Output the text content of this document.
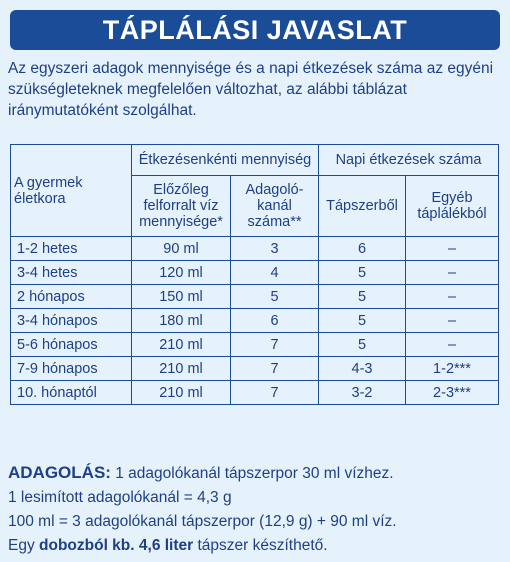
TÁPLÁLÁSI JAVASLAT
Az egyszeri adagok mennyisége és a napi étkezések száma az egyéni szükségleteknek megfelelően változhat, az alábbi táblázat iránymutatóként szolgálhat.
A gyermek életkora	Étkezésenkénti mennyiség		Napi étkezések száma	
	Előzőleg felforralt víz mennyisége*	Adagoló-kanál száma**	Tápszerből	Egyéb táplálékból
1-2 hetes	90 ml	3	6	–
3-4 hetes	120 ml	4	5	–
2 hónapos	150 ml	5	5	–
3-4 hónapos	180 ml	6	5	–
5-6 hónapos	210 ml	7	5	–
7-9 hónapos	210 ml	7	4-3	1-2***
10. hónaptól	210 ml	7	3-2	2-3***
ADAGOLÁS: 1 adagolókanál tápszerpor 30 ml vízhez.
1 lesimított adagolókanál = 4,3 g
100 ml = 3 adagolókanál tápszerpor (12,9 g) + 90 ml víz.
Egy dobozból kb. 4,6 liter tápszer készíthető.
